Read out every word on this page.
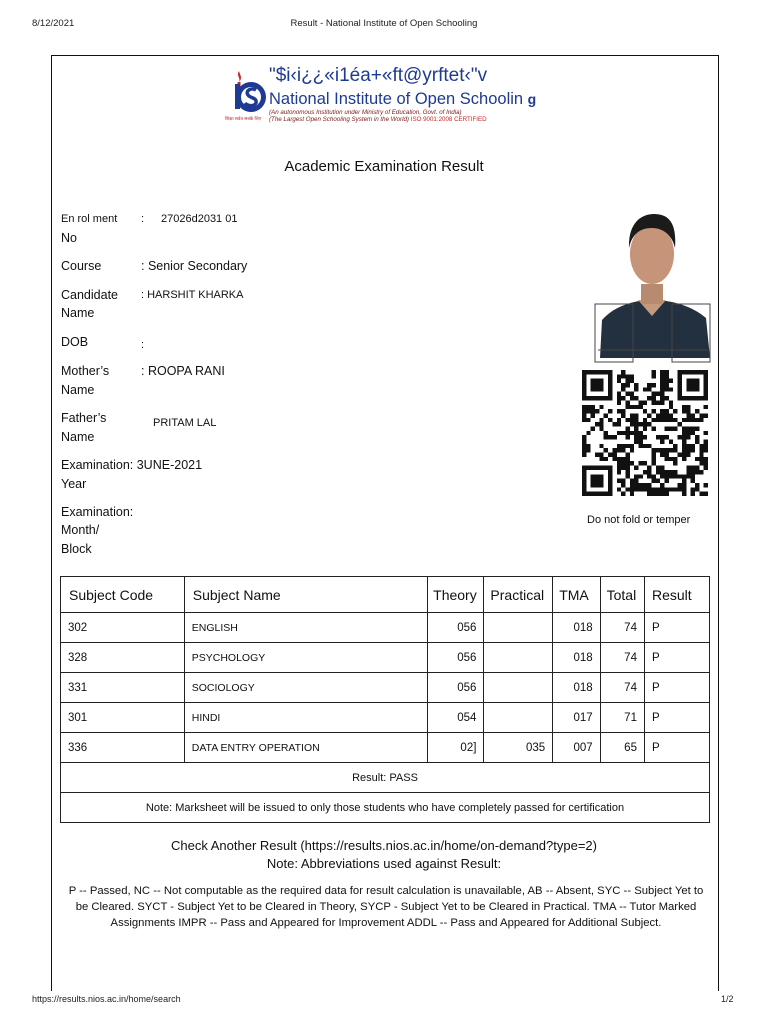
8/12/2021	Result - National Institute of Open Schooling
https://results.nios.ac.in/home/search	1/2
शिक्षा सर्वत्र सबके लिए
"$i‹i¿¿«i1éa+«ft@yrftet‹"v
National Institute of Open Schoolin g
(An autonomous Institution under Ministry of Education, Govt. of India)
(The Largest Open Schooling System in the World) ISO 9001:2008 CERTIFIED
Academic Examination Result
En rol ment
No
: 27026d2031 01
Course	: Senior Secondary
Candidate
Name
: HARSHIT KHARKA
DOB	:
Mother’s
Name
: ROOPA RANI
Father’s
Name
PRITAM LAL
Examination: 3UNE-2021
Year
Examination:
Month/
Block
Do not fold or temper
Subject Code	Subject Name	Theory	Practical	TMA	Total	Result
302	ENGLISH	056		018	74	P
328	PSYCHOLOGY	056		018	74	P
331	SOCIOLOGY	056		018	74	P
301	HINDI	054		017	71	P
336	DATA ENTRY OPERATION	02]	035	007	65	P
Result: PASS						
Note: Marksheet will be issued to only those students who have completely passed for certification						
Check Another Result (https://results.nios.ac.in/home/on-demand?type=2)
Note: Abbreviations used against Result:
P -- Passed, NC -- Not computable as the required data for result calculation is unavailable, AB -- Absent, SYC -- Subject Yet to be Cleared. SYCT - Subject Yet to be Cleared in Theory, SYCP - Subject Yet to be Cleared in Practical. TMA -- Tutor Marked Assignments IMPR -- Pass and Appeared for Improvement ADDL -- Pass and Appeared for Additional Subject.
